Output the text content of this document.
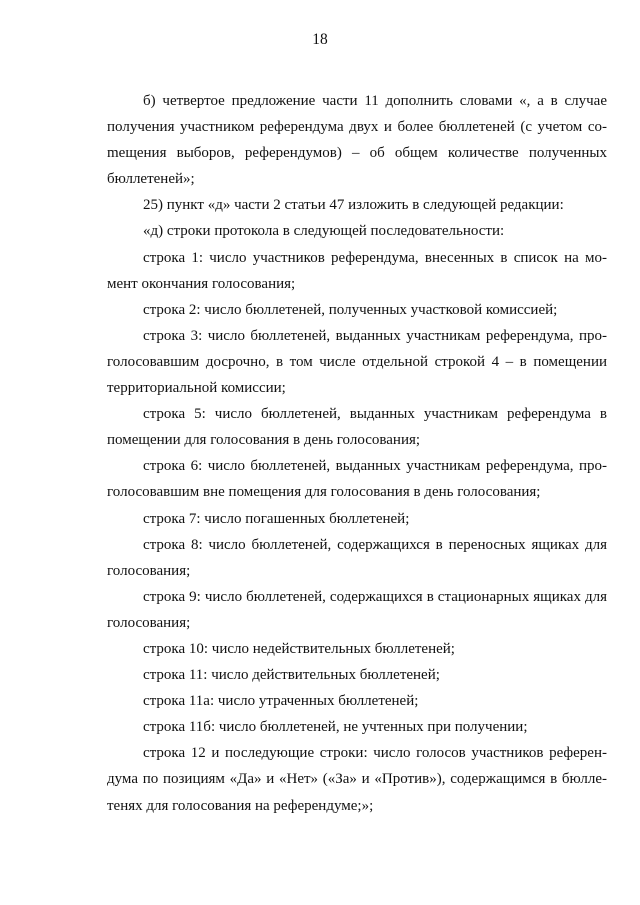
18

б) четвертое предложение части 11 дополнить словами «, а в случае получения участником референдума двух и более бюллетеней (с учетом соmещения выборов, референдумов) – об общем количестве полученных бюллетеней»;

25) пункт «д» части 2 статьи 47 изложить в следующей редакции:

«д) строки протокола в следующей последовательности:

строка 1: число участников референдума, внесенных в список на момент окончания голосования;

строка 2: число бюллетеней, полученных участковой комиссией;

строка 3: число бюллетеней, выданных участникам референдума, проголосовавшим досрочно, в том числе отдельной строкой 4 – в помещении территориальной комиссии;

строка 5: число бюллетеней, выданных участникам референдума в помещении для голосования в день голосования;

строка 6: число бюллетеней, выданных участникам референдума, проголосовавшим вне помещения для голосования в день голосования;

строка 7: число погашенных бюллетеней;

строка 8: число бюллетеней, содержащихся в переносных ящиках для голосования;

строка 9: число бюллетеней, содержащихся в стационарных ящиках для голосования;

строка 10: число недействительных бюллетеней;

строка 11: число действительных бюллетеней;

строка 11а: число утраченных бюллетеней;

строка 11б: число бюллетеней, не учтенных при получении;

строка 12 и последующие строки: число голосов участников референдума по позициям «Да» и «Нет» («За» и «Против»), содержащимся в бюллетенях для голосования на референдуме;»;
